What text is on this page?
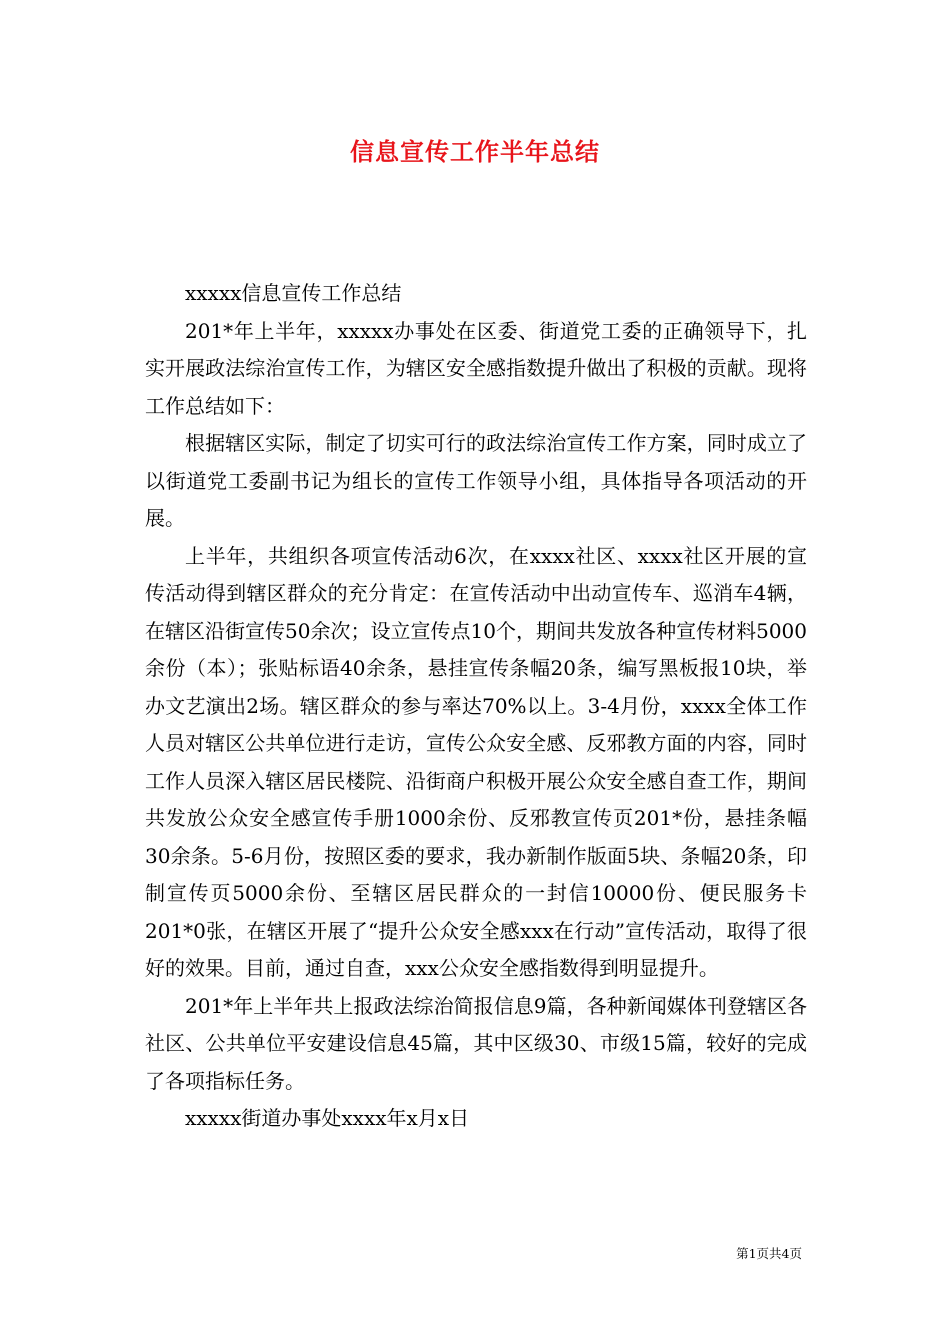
信息宣传工作半年总结

xxxxx信息宣传工作总结

201*年上半年，xxxxx办事处在区委、街道党工委的正确领导下，扎实开展政法综治宣传工作，为辖区安全感指数提升做出了积极的贡献。现将工作总结如下：

根据辖区实际，制定了切实可行的政法综治宣传工作方案，同时成立了以街道党工委副书记为组长的宣传工作领导小组，具体指导各项活动的开展。

上半年，共组织各项宣传活动6次，在xxxx社区、xxxx社区开展的宣传活动得到辖区群众的充分肯定：在宣传活动中出动宣传车、巡消车4辆，在辖区沿街宣传50余次；设立宣传点10个，期间共发放各种宣传材料5000余份（本）；张贴标语40余条，悬挂宣传条幅20条，编写黑板报10块，举办文艺演出2场。辖区群众的参与率达70%以上。3-4月份，xxxx全体工作人员对辖区公共单位进行走访，宣传公众安全感、反邪教方面的内容，同时工作人员深入辖区居民楼院、沿街商户积极开展公众安全感自查工作，期间共发放公众安全感宣传手册1000余份、反邪教宣传页201*份，悬挂条幅30余条。5-6月份，按照区委的要求，我办新制作版面5块、条幅20条，印制宣传页5000余份、至辖区居民群众的一封信10000份、便民服务卡201*0张，在辖区开展了“提升公众安全感xxx在行动”宣传活动，取得了很好的效果。目前，通过自查，xxx公众安全感指数得到明显提升。

201*年上半年共上报政法综治简报信息9篇，各种新闻媒体刊登辖区各社区、公共单位平安建设信息45篇，其中区级30、市级15篇，较好的完成了各项指标任务。

xxxxx街道办事处xxxx年x月x日

第1页共4页
